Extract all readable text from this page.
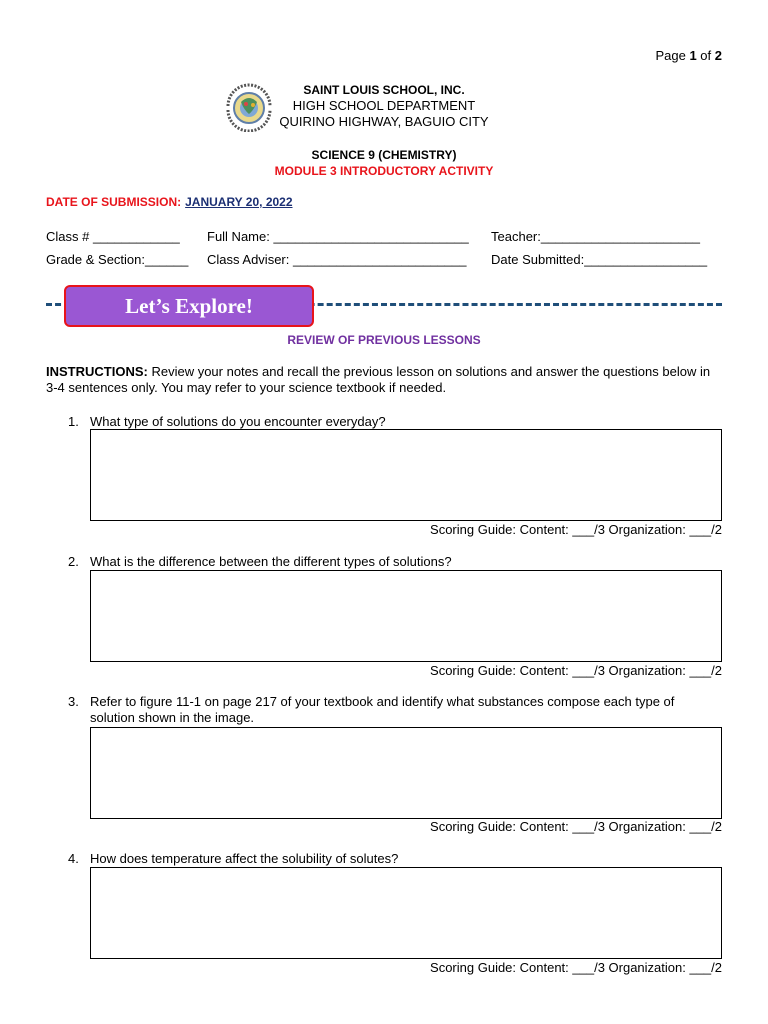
Page 1 of 2
SAINT LOUIS SCHOOL, INC.
HIGH SCHOOL DEPARTMENT
QUIRINO HIGHWAY, BAGUIO CITY
SCIENCE 9 (CHEMISTRY)
MODULE 3 INTRODUCTORY ACTIVITY
DATE OF SUBMISSION: JANUARY 20, 2022
Class # ____________ Full Name: ___________________________ Teacher:______________________
Grade & Section:______ Class Adviser: ________________________ Date Submitted:_________________
Let’s Explore!
REVIEW OF PREVIOUS LESSONS
INSTRUCTIONS: Review your notes and recall the previous lesson on solutions and answer the questions below in 3-4 sentences only. You may refer to your science textbook if needed.
1. What type of solutions do you encounter everyday?
Scoring Guide: Content: ___/3 Organization: ___/2
2. What is the difference between the different types of solutions?
Scoring Guide: Content: ___/3 Organization: ___/2
3. Refer to figure 11-1 on page 217 of your textbook and identify what substances compose each type of solution shown in the image.
Scoring Guide: Content: ___/3 Organization: ___/2
4. How does temperature affect the solubility of solutes?
Scoring Guide: Content: ___/3 Organization: ___/2
